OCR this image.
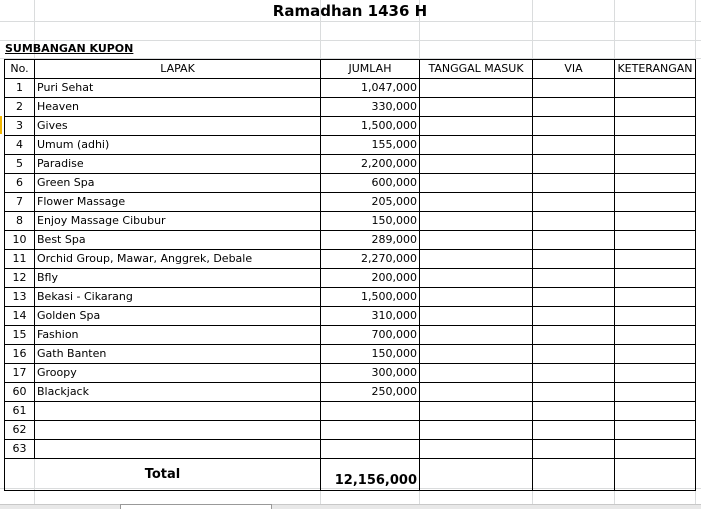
Ramadhan 1436 H
SUMBANGAN KUPON
No.	LAPAK	JUMLAH	TANGGAL MASUK	VIA	KETERANGAN
1	Puri Sehat	1,047,000			
2	Heaven	330,000			
3	Gives	1,500,000			
4	Umum (adhi)	155,000			
5	Paradise	2,200,000			
6	Green Spa	600,000			
7	Flower Massage	205,000			
8	Enjoy Massage Cibubur	150,000			
10	Best Spa	289,000			
11	Orchid Group, Mawar, Anggrek, Debale	2,270,000			
12	Bfly	200,000			
13	Bekasi - Cikarang	1,500,000			
14	Golden Spa	310,000			
15	Fashion	700,000			
16	Gath Banten	150,000			
17	Groopy	300,000			
60	Blackjack	250,000			
61					
62					
63					
Total		12,156,000			
